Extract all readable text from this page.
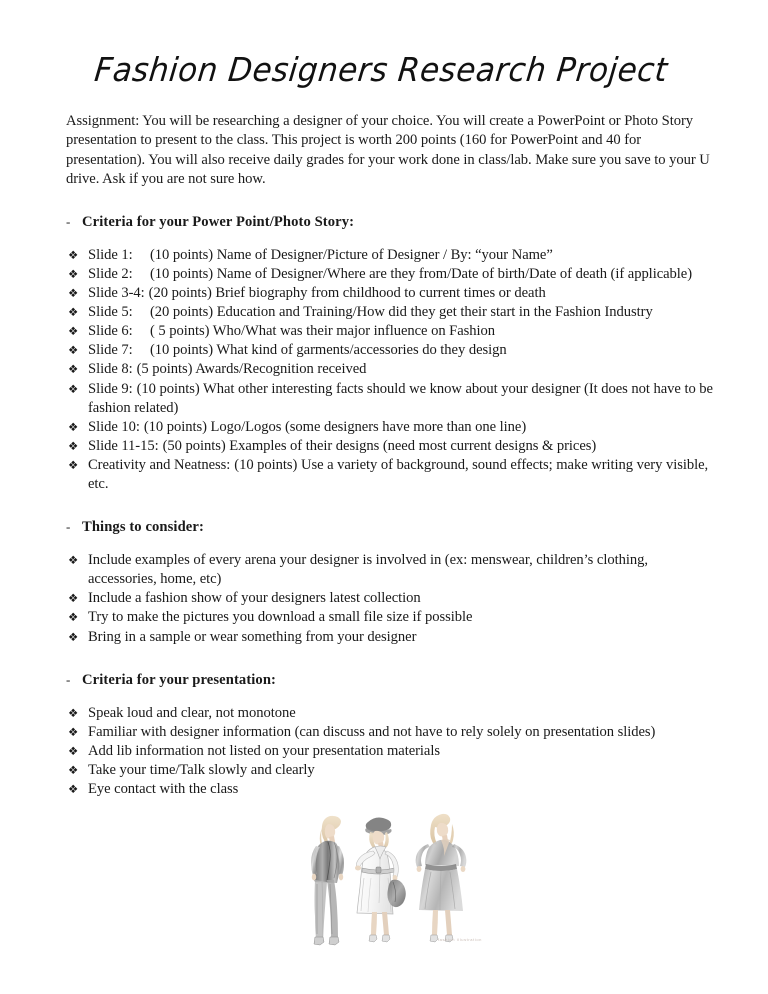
Fashion Designers Research Project

Assignment: You will be researching a designer of your choice. You will create a PowerPoint or Photo Story presentation to present to the class. This project is worth 200 points (160 for PowerPoint and 40 for presentation). You will also receive daily grades for your work done in class/lab. Make sure you save to your U drive. Ask if you are not sure how.

- Criteria for your Power Point/Photo Story:
❖ Slide 1: (10 points) Name of Designer/Picture of Designer / By: “your Name”
❖ Slide 2: (10 points) Name of Designer/Where are they from/Date of birth/Date of death (if applicable)
❖ Slide 3-4: (20 points) Brief biography from childhood to current times or death
❖ Slide 5: (20 points) Education and Training/How did they get their start in the Fashion Industry
❖ Slide 6: ( 5 points) Who/What was their major influence on Fashion
❖ Slide 7: (10 points) What kind of garments/accessories do they design
❖ Slide 8: (5 points) Awards/Recognition received
❖ Slide 9: (10 points) What other interesting facts should we know about your designer (It does not have to be fashion related)
❖ Slide 10: (10 points) Logo/Logos (some designers have more than one line)
❖ Slide 11-15: (50 points) Examples of their designs (need most current designs & prices)
❖ Creativity and Neatness: (10 points) Use a variety of background, sound effects; make writing very visible, etc.
- Things to consider:
❖ Include examples of every arena your designer is involved in (ex: menswear, children’s clothing, accessories, home, etc)
❖ Include a fashion show of your designers latest collection
❖ Try to make the pictures you download a small file size if possible
❖ Bring in a sample or wear something from your designer
- Criteria for your presentation:
❖ Speak loud and clear, not monotone
❖ Familiar with designer information (can discuss and not have to rely solely on presentation slides)
❖ Add lib information not listed on your presentation materials
❖ Take your time/Talk slowly and clearly
❖ Eye contact with the class
fashion illustration
